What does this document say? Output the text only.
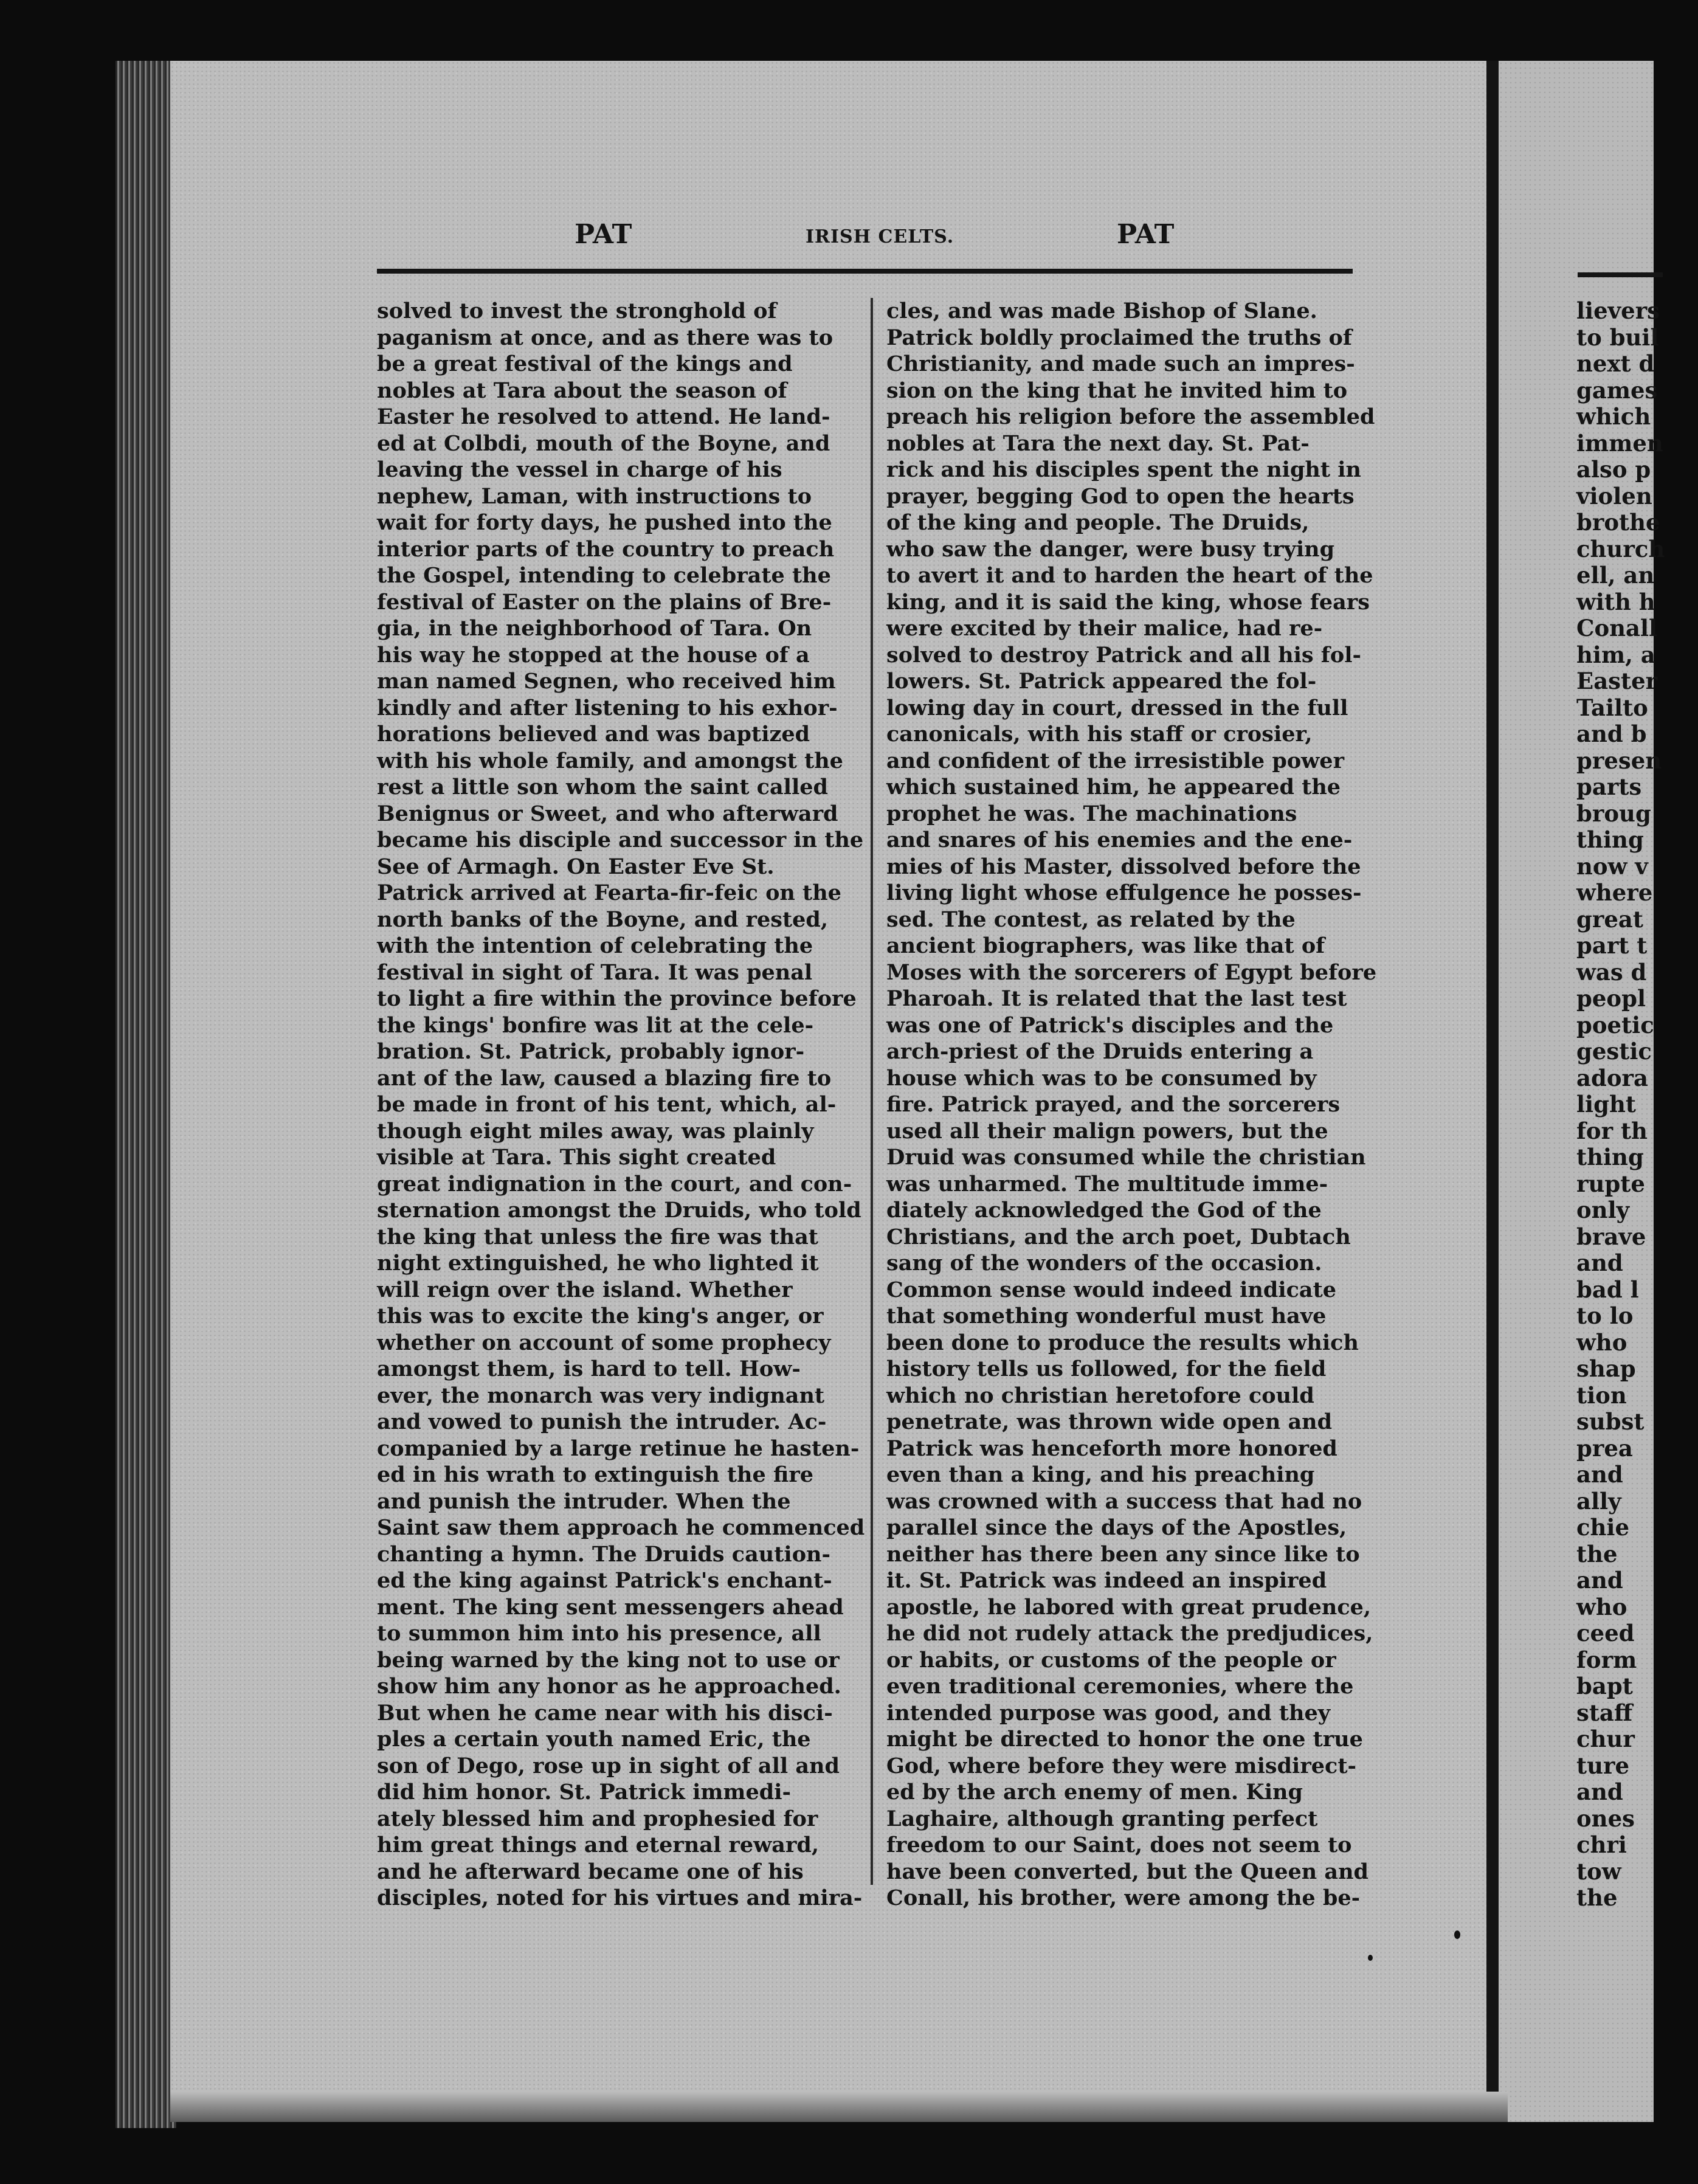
lievers
to buil
next d
games
which
immen
also p
violen
brothe
church
ell, an
with h
Conall
him, a
Easter
Tailto
and b
presen
parts
broug
thing
now v
where
great
part t
was d
peopl
poetic
gestic
adora
light
for th
thing
rupte
only
brave
and
bad l
to lo
who
shap
tion
subst
prea
and
ally
chie
the
and
who
ceed
form
bapt
staff
chur
ture
and
ones
chri
tow
the
PAT	IRISH CELTS.	PAT
solved to invest the stronghold of
paganism at once, and as there was to
be a great festival of the kings and
nobles at Tara about the season of
Easter he resolved to attend. He land-
ed at Colbdi, mouth of the Boyne, and
leaving the vessel in charge of his
nephew, Laman, with instructions to
wait for forty days, he pushed into the
interior parts of the country to preach
the Gospel, intending to celebrate the
festival of Easter on the plains of Bre-
gia, in the neighborhood of Tara. On
his way he stopped at the house of a
man named Segnen, who received him
kindly and after listening to his exhor-
horations believed and was baptized
with his whole family, and amongst the
rest a little son whom the saint called
Benignus or Sweet, and who afterward
became his disciple and successor in the
See of Armagh. On Easter Eve St.
Patrick arrived at Fearta-fir-feic on the
north banks of the Boyne, and rested,
with the intention of celebrating the
festival in sight of Tara. It was penal
to light a fire within the province before
the kings' bonfire was lit at the cele-
bration. St. Patrick, probably ignor-
ant of the law, caused a blazing fire to
be made in front of his tent, which, al-
though eight miles away, was plainly
visible at Tara. This sight created
great indignation in the court, and con-
sternation amongst the Druids, who told
the king that unless the fire was that
night extinguished, he who lighted it
will reign over the island. Whether
this was to excite the king's anger, or
whether on account of some prophecy
amongst them, is hard to tell. How-
ever, the monarch was very indignant
and vowed to punish the intruder. Ac-
companied by a large retinue he hasten-
ed in his wrath to extinguish the fire
and punish the intruder. When the
Saint saw them approach he commenced
chanting a hymn. The Druids caution-
ed the king against Patrick's enchant-
ment. The king sent messengers ahead
to summon him into his presence, all
being warned by the king not to use or
show him any honor as he approached.
But when he came near with his disci-
ples a certain youth named Eric, the
son of Dego, rose up in sight of all and
did him honor. St. Patrick immedi-
ately blessed him and prophesied for
him great things and eternal reward,
and he afterward became one of his
disciples, noted for his virtues and mira-
cles, and was made Bishop of Slane.
Patrick boldly proclaimed the truths of
Christianity, and made such an impres-
sion on the king that he invited him to
preach his religion before the assembled
nobles at Tara the next day. St. Pat-
rick and his disciples spent the night in
prayer, begging God to open the hearts
of the king and people. The Druids,
who saw the danger, were busy trying
to avert it and to harden the heart of the
king, and it is said the king, whose fears
were excited by their malice, had re-
solved to destroy Patrick and all his fol-
lowers. St. Patrick appeared the fol-
lowing day in court, dressed in the full
canonicals, with his staff or crosier,
and confident of the irresistible power
which sustained him, he appeared the
prophet he was. The machinations
and snares of his enemies and the ene-
mies of his Master, dissolved before the
living light whose effulgence he posses-
sed. The contest, as related by the
ancient biographers, was like that of
Moses with the sorcerers of Egypt before
Pharoah. It is related that the last test
was one of Patrick's disciples and the
arch-priest of the Druids entering a
house which was to be consumed by
fire. Patrick prayed, and the sorcerers
used all their malign powers, but the
Druid was consumed while the christian
was unharmed. The multitude imme-
diately acknowledged the God of the
Christians, and the arch poet, Dubtach
sang of the wonders of the occasion.
Common sense would indeed indicate
that something wonderful must have
been done to produce the results which
history tells us followed, for the field
which no christian heretofore could
penetrate, was thrown wide open and
Patrick was henceforth more honored
even than a king, and his preaching
was crowned with a success that had no
parallel since the days of the Apostles,
neither has there been any since like to
it. St. Patrick was indeed an inspired
apostle, he labored with great prudence,
he did not rudely attack the predjudices,
or habits, or customs of the people or
even traditional ceremonies, where the
intended purpose was good, and they
might be directed to honor the one true
God, where before they were misdirect-
ed by the arch enemy of men. King
Laghaire, although granting perfect
freedom to our Saint, does not seem to
have been converted, but the Queen and
Conall, his brother, were among the be-
